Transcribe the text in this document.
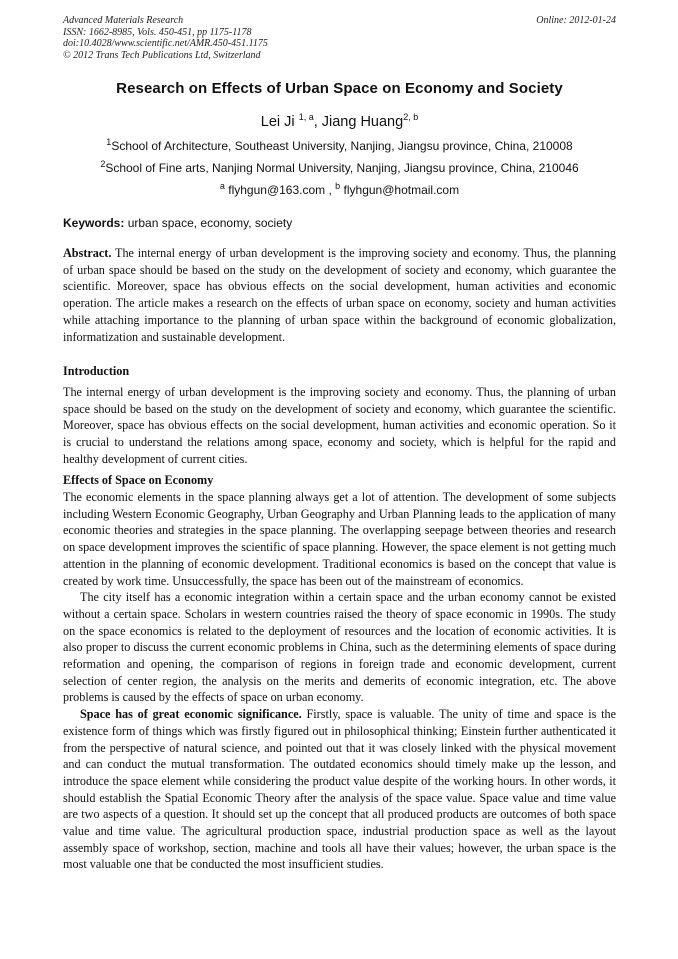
Advanced Materials Research
ISSN: 1662-8985, Vols. 450-451, pp 1175-1178
doi:10.4028/www.scientific.net/AMR.450-451.1175
© 2012 Trans Tech Publications Ltd, Switzerland
Online: 2012-01-24
Research on Effects of Urban Space on Economy and Society
Lei Ji $^{1, a}$, Jiang Huang$^{2, b}$
$^1$School of Architecture, Southeast University, Nanjing, Jiangsu province, China, 210008
$^2$School of Fine arts, Nanjing Normal University, Nanjing, Jiangsu province, China, 210046
$^a$ flyhgun@163.com , $^b$ flyhgun@hotmail.com
Keywords: urban space, economy, society

Abstract. The internal energy of urban development is the improving society and economy. Thus, the planning of urban space should be based on the study on the development of society and economy, which guarantee the scientific. Moreover, space has obvious effects on the social development, human activities and economic operation. The article makes a research on the effects of urban space on economy, society and human activities while attaching importance to the planning of urban space within the background of economic globalization, informatization and sustainable development.

Introduction

The internal energy of urban development is the improving society and economy. Thus, the planning of urban space should be based on the study on the development of society and economy, which guarantee the scientific. Moreover, space has obvious effects on the social development, human activities and economic operation. So it is crucial to understand the relations among space, economy and society, which is helpful for the rapid and healthy development of current cities.

Effects of Space on Economy

The economic elements in the space planning always get a lot of attention. The development of some subjects including Western Economic Geography, Urban Geography and Urban Planning leads to the application of many economic theories and strategies in the space planning. The overlapping seepage between theories and research on space development improves the scientific of space planning. However, the space element is not getting much attention in the planning of economic development. Traditional economics is based on the concept that value is created by work time. Unsuccessfully, the space has been out of the mainstream of economics.

The city itself has a economic integration within a certain space and the urban economy cannot be existed without a certain space. Scholars in western countries raised the theory of space economic in 1990s. The study on the space economics is related to the deployment of resources and the location of economic activities. It is also proper to discuss the current economic problems in China, such as the determining elements of space during reformation and opening, the comparison of regions in foreign trade and economic development, current selection of center region, the analysis on the merits and demerits of economic integration, etc. The above problems is caused by the effects of space on urban economy.

Space has of great economic significance. Firstly, space is valuable. The unity of time and space is the existence form of things which was firstly figured out in philosophical thinking; Einstein further authenticated it from the perspective of natural science, and pointed out that it was closely linked with the physical movement and can conduct the mutual transformation. The outdated economics should timely make up the lesson, and introduce the space element while considering the product value despite of the working hours. In other words, it should establish the Spatial Economic Theory after the analysis of the space value. Space value and time value are two aspects of a question. It should set up the concept that all produced products are outcomes of both space value and time value. The agricultural production space, industrial production space as well as the layout assembly space of workshop, section, machine and tools all have their values; however, the urban space is the most valuable one that be conducted the most insufficient studies.
